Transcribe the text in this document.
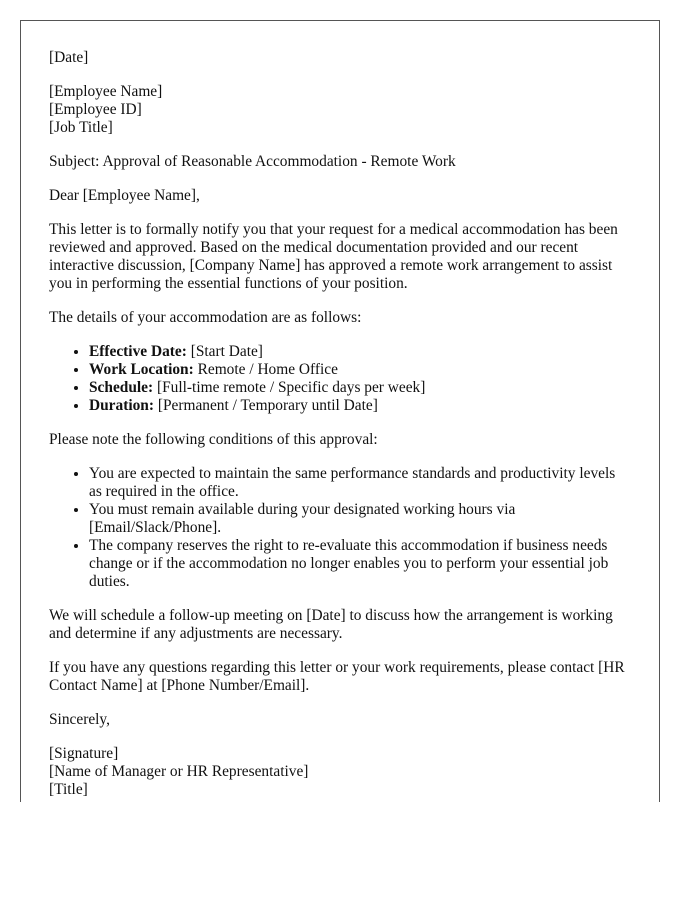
[Date]

[Employee Name]
[Employee ID]
[Job Title]

Subject: Approval of Reasonable Accommodation - Remote Work

Dear [Employee Name],

This letter is to formally notify you that your request for a medical accommodation has been reviewed and approved. Based on the medical documentation provided and our recent interactive discussion, [Company Name] has approved a remote work arrangement to assist you in performing the essential functions of your position.

The details of your accommodation are as follows:

• Effective Date: [Start Date]
• Work Location: Remote / Home Office
• Schedule: [Full-time remote / Specific days per week]
• Duration: [Permanent / Temporary until Date]

Please note the following conditions of this approval:

• You are expected to maintain the same performance standards and productivity levels as required in the office.
• You must remain available during your designated working hours via [Email/Slack/Phone].
• The company reserves the right to re-evaluate this accommodation if business needs change or if the accommodation no longer enables you to perform your essential job duties.

We will schedule a follow-up meeting on [Date] to discuss how the arrangement is working and determine if any adjustments are necessary.

If you have any questions regarding this letter or your work requirements, please contact [HR Contact Name] at [Phone Number/Email].

Sincerely,

[Signature]
[Name of Manager or HR Representative]
[Title]
